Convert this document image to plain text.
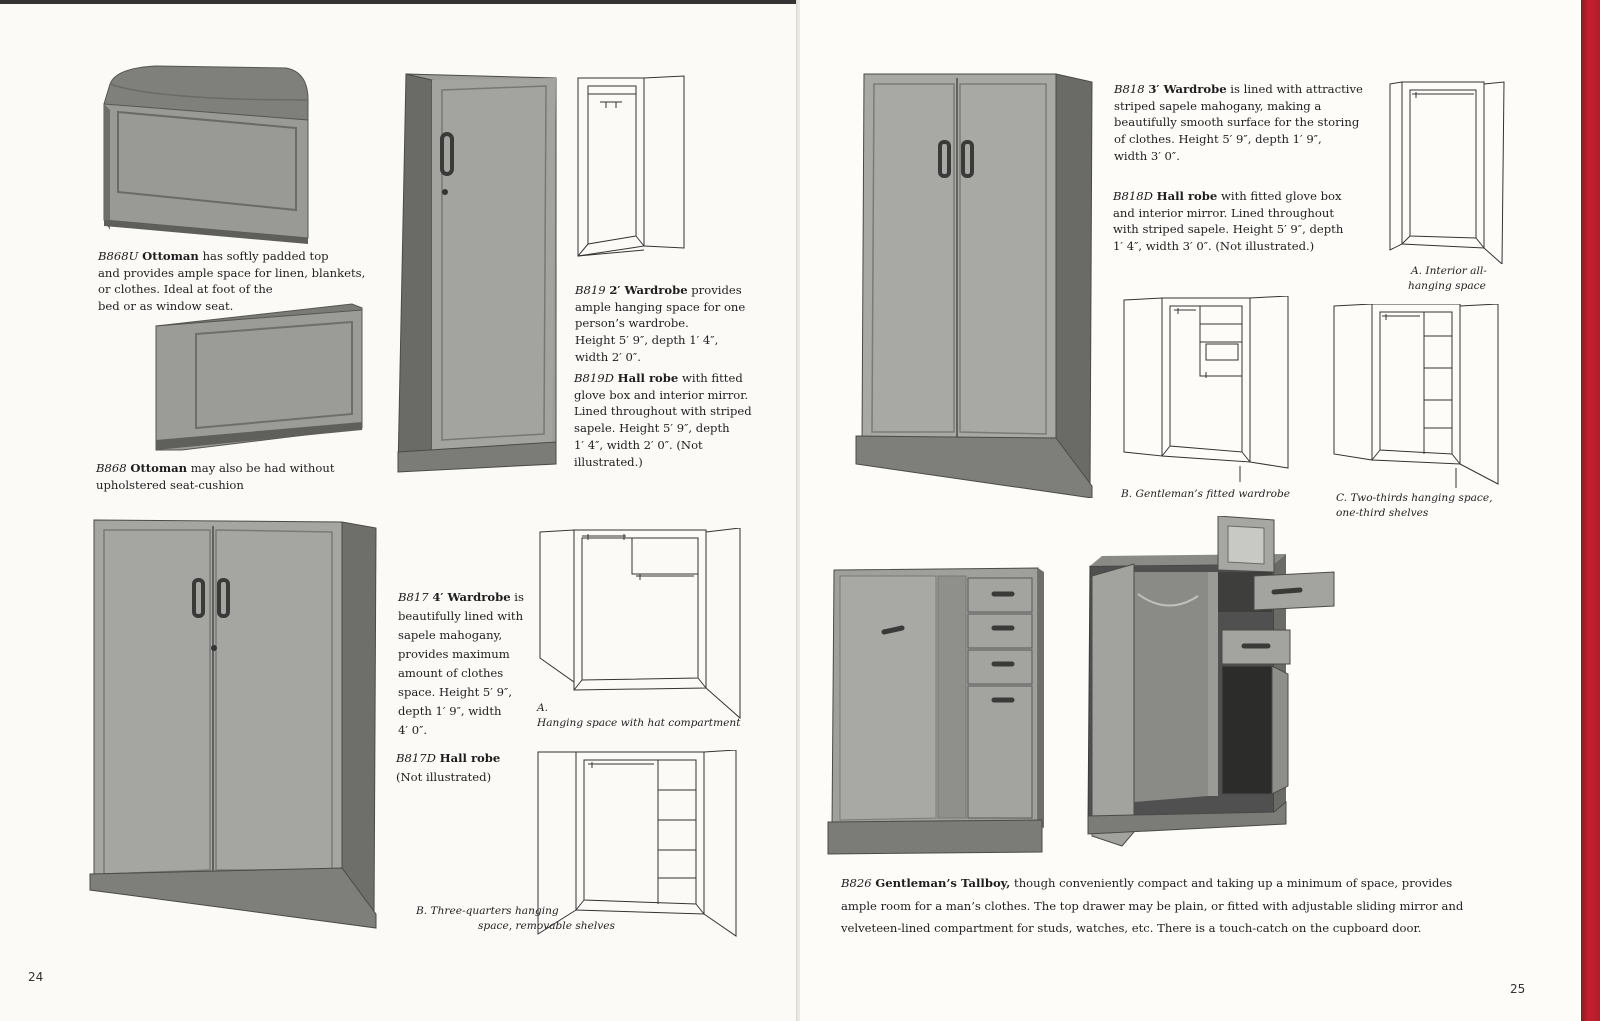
B868U Ottoman has softly padded top
and provides ample space for linen, blankets,
or clothes. Ideal at foot of the
bed or as window seat.
B868 Ottoman may also be had without
upholstered seat-cushion
B819 2′ Wardrobe provides
ample hanging space for one
person’s wardrobe.
Height 5′ 9″, depth 1′ 4″,
width 2′ 0″.
B819D Hall robe with fitted
glove box and interior mirror.
Lined throughout with striped
sapele. Height 5′ 9″, depth
1′ 4″, width 2′ 0″. (Not
illustrated.)
B817 4′ Wardrobe is
beautifully lined with
sapele mahogany,
provides maximum
amount of clothes
space. Height 5′ 9″,
depth 1′ 9″, width
4′ 0″.
B817D Hall robe
(Not illustrated)
A.
Hanging space with hat compartment
B. Three-quarters hanging
space, removable shelves
24
B818 3′ Wardrobe is lined with attractive
striped sapele mahogany, making a
beautifully smooth surface for the storing
of clothes. Height 5′ 9″, depth 1′ 9″,
width 3′ 0″.
B818D Hall robe with fitted glove box
and interior mirror. Lined throughout
with striped sapele. Height 5′ 9″, depth
1′ 4″, width 3′ 0″. (Not illustrated.)
A. Interior all-
hanging space
B. Gentleman’s fitted wardrobe	C. Two-thirds hanging space,
one-third shelves
B826 Gentleman’s Tallboy, though conveniently compact and taking up a minimum of space, provides
ample room for a man’s clothes. The top drawer may be plain, or fitted with adjustable sliding mirror and
velveteen-lined compartment for studs, watches, etc. There is a touch-catch on the cupboard door.
25
